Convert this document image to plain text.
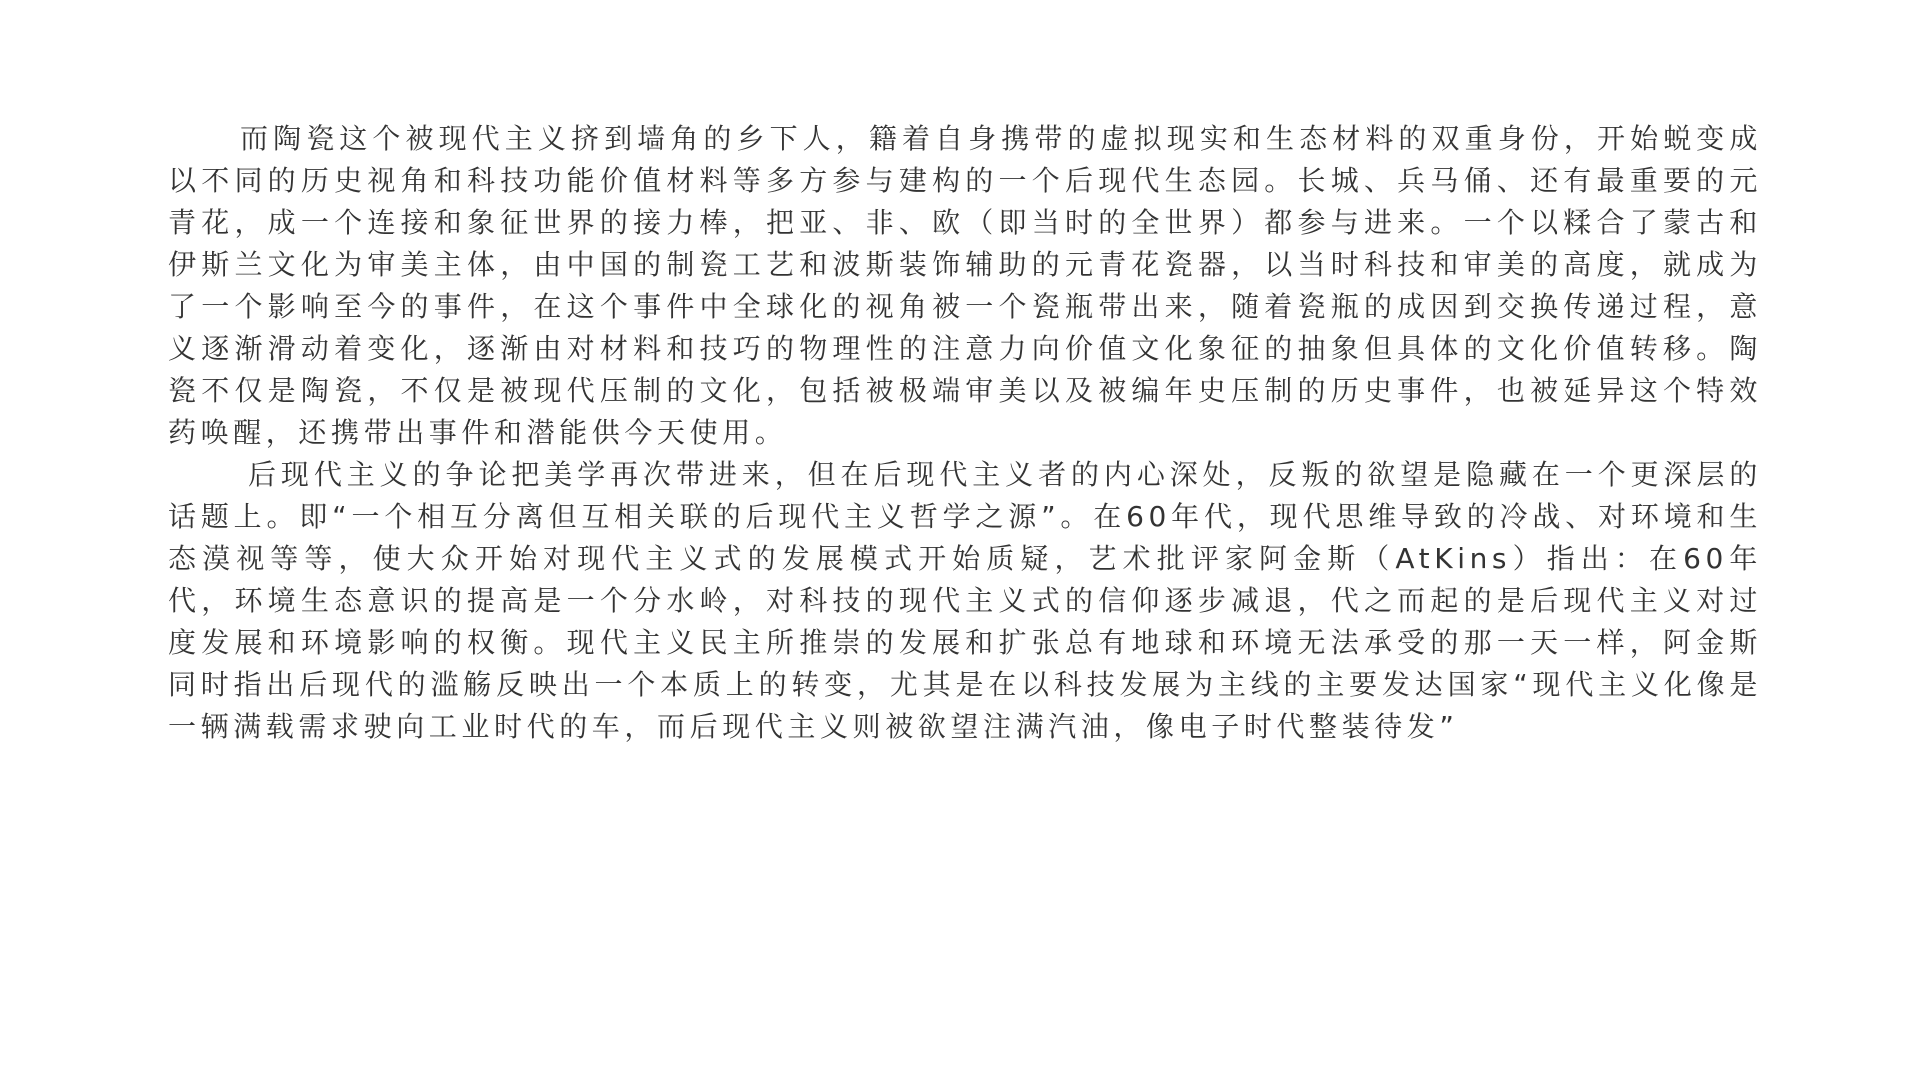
而陶瓷这个被现代主义挤到墙角的乡下人，籍着自身携带的虚拟现实和生态材料的双重身份，开始蜕变成以不同的历史视角和科技功能价值材料等多方参与建构的一个后现代生态园。长城、兵马俑、还有最重要的元青花，成一个连接和象征世界的接力棒，把亚、非、欧（即当时的全世界）都参与进来。一个以糅合了蒙古和伊斯兰文化为审美主体，由中国的制瓷工艺和波斯装饰辅助的元青花瓷器，以当时科技和审美的高度，就成为了一个影响至今的事件，在这个事件中全球化的视角被一个瓷瓶带出来，随着瓷瓶的成因到交换传递过程，意义逐渐滑动着变化，逐渐由对材料和技巧的物理性的注意力向价值文化象征的抽象但具体的文化价值转移。陶瓷不仅是陶瓷，不仅是被现代压制的文化，包括被极端审美以及被编年史压制的历史事件，也被延异这个特效药唤醒，还携带出事件和潜能供今天使用。

后现代主义的争论把美学再次带进来，但在后现代主义者的内心深处，反叛的欲望是隐藏在一个更深层的话题上。即“一个相互分离但互相关联的后现代主义哲学之源”。在60年代，现代思维导致的冷战、对环境和生态漠视等等，使大众开始对现代主义式的发展模式开始质疑，艺术批评家阿金斯（AtKins）指出：在60年代，环境生态意识的提高是一个分水岭，对科技的现代主义式的信仰逐步减退，代之而起的是后现代主义对过度发展和环境影响的权衡。现代主义民主所推崇的发展和扩张总有地球和环境无法承受的那一天一样，阿金斯同时指出后现代的滥觞反映出一个本质上的转变，尤其是在以科技发展为主线的主要发达国家“现代主义化像是一辆满载需求驶向工业时代的车，而后现代主义则被欲望注满汽油，像电子时代整装待发”
